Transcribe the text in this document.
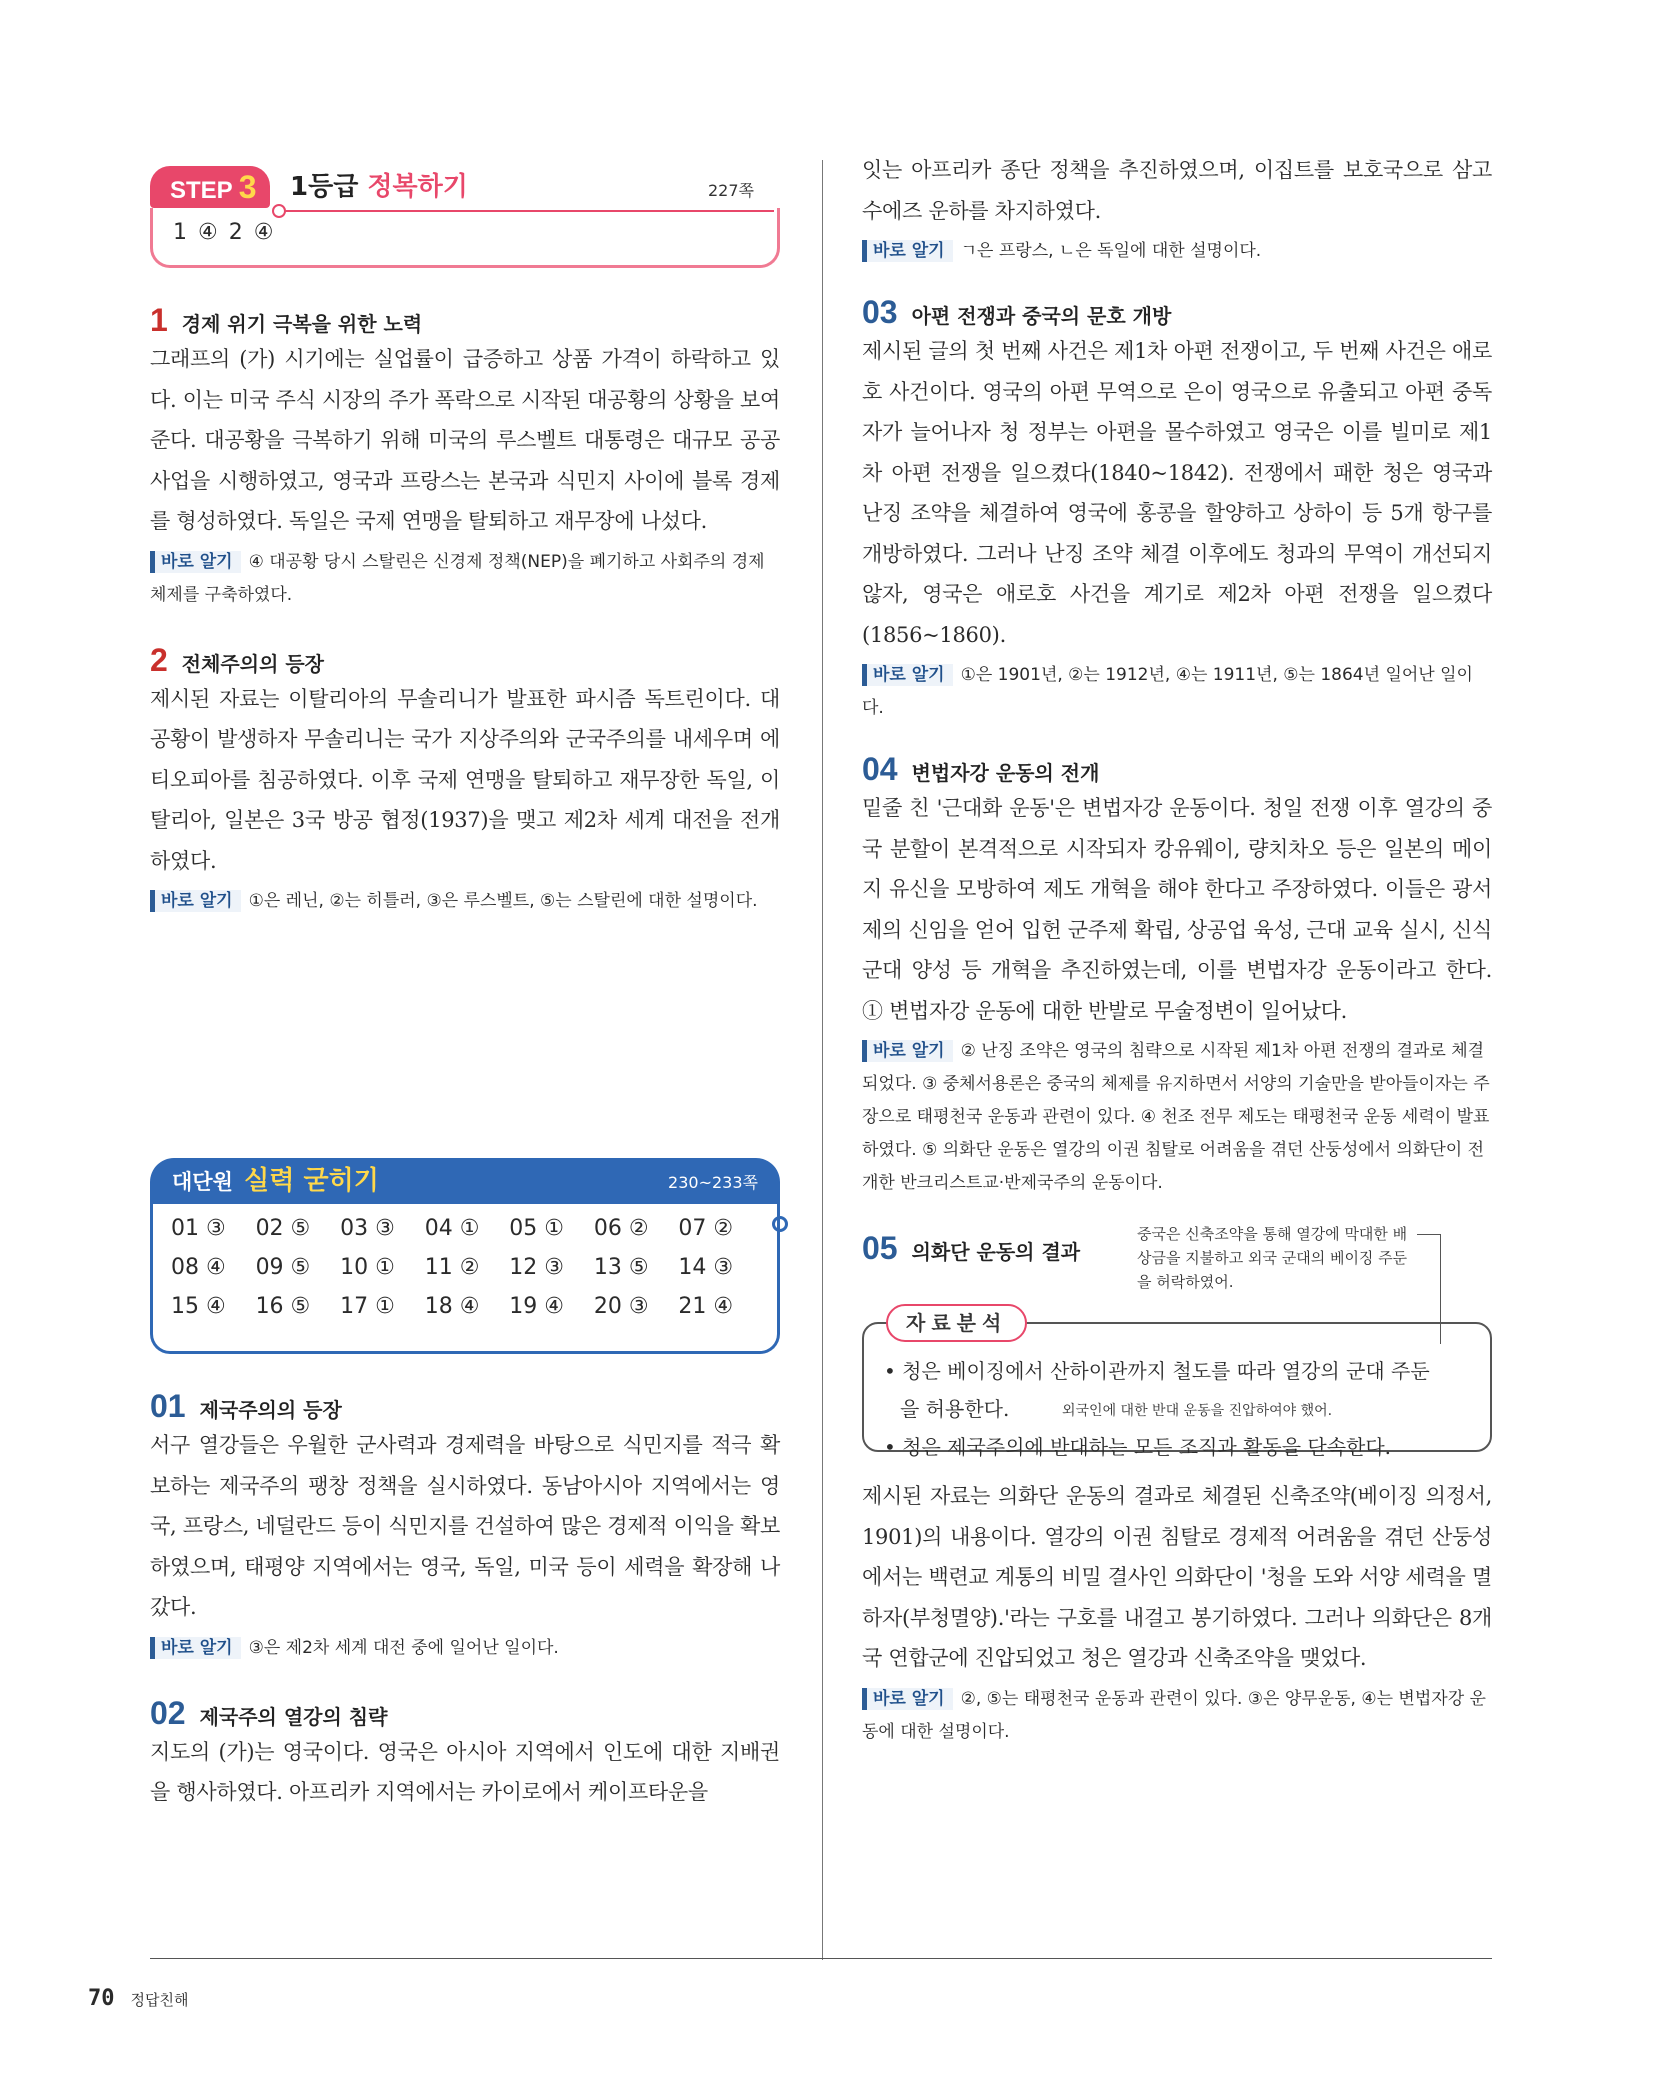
STEP 3	1등급 정복하기	227쪽
1 ④ 2 ④
1 경제 위기 극복을 위한 노력

그래프의 (가) 시기에는 실업률이 급증하고 상품 가격이 하락하고 있다. 이는 미국 주식 시장의 주가 폭락으로 시작된 대공황의 상황을 보여 준다. 대공황을 극복하기 위해 미국의 루스벨트 대통령은 대규모 공공사업을 시행하였고, 영국과 프랑스는 본국과 식민지 사이에 블록 경제를 형성하였다. 독일은 국제 연맹을 탈퇴하고 재무장에 나섰다.

바로 알기 ④ 대공황 당시 스탈린은 신경제 정책(NEP)을 폐기하고 사회주의 경제 체제를 구축하였다.

2 전체주의의 등장

제시된 자료는 이탈리아의 무솔리니가 발표한 파시즘 독트린이다. 대공황이 발생하자 무솔리니는 국가 지상주의와 군국주의를 내세우며 에티오피아를 침공하였다. 이후 국제 연맹을 탈퇴하고 재무장한 독일, 이탈리아, 일본은 3국 방공 협정(1937)을 맺고 제2차 세계 대전을 전개하였다.

바로 알기 ①은 레닌, ②는 히틀러, ③은 루스벨트, ⑤는 스탈린에 대한 설명이다.

대단원 실력 굳히기	230~233쪽
01 ③	02 ⑤	03 ③	04 ①	05 ①	06 ②	07 ②
08 ④	09 ⑤	10 ①	11 ②	12 ③	13 ⑤	14 ③
15 ④	16 ⑤	17 ①	18 ④	19 ④	20 ③	21 ④
01 제국주의의 등장

서구 열강들은 우월한 군사력과 경제력을 바탕으로 식민지를 적극 확보하는 제국주의 팽창 정책을 실시하였다. 동남아시아 지역에서는 영국, 프랑스, 네덜란드 등이 식민지를 건설하여 많은 경제적 이익을 확보하였으며, 태평양 지역에서는 영국, 독일, 미국 등이 세력을 확장해 나갔다.

바로 알기 ③은 제2차 세계 대전 중에 일어난 일이다.

02 제국주의 열강의 침략

지도의 (가)는 영국이다. 영국은 아시아 지역에서 인도에 대한 지배권을 행사하였다. 아프리카 지역에서는 카이로에서 케이프타운을

잇는 아프리카 종단 정책을 추진하였으며, 이집트를 보호국으로 삼고 수에즈 운하를 차지하였다.

바로 알기 ㄱ은 프랑스, ㄴ은 독일에 대한 설명이다.

03 아편 전쟁과 중국의 문호 개방

제시된 글의 첫 번째 사건은 제1차 아편 전쟁이고, 두 번째 사건은 애로호 사건이다. 영국의 아편 무역으로 은이 영국으로 유출되고 아편 중독자가 늘어나자 청 정부는 아편을 몰수하였고 영국은 이를 빌미로 제1차 아편 전쟁을 일으켰다(1840~1842). 전쟁에서 패한 청은 영국과 난징 조약을 체결하여 영국에 홍콩을 할양하고 상하이 등 5개 항구를 개방하였다. 그러나 난징 조약 체결 이후에도 청과의 무역이 개선되지 않자, 영국은 애로호 사건을 계기로 제2차 아편 전쟁을 일으켰다(1856~1860).

바로 알기 ①은 1901년, ②는 1912년, ④는 1911년, ⑤는 1864년 일어난 일이다.

04 변법자강 운동의 전개

밑줄 친 '근대화 운동'은 변법자강 운동이다. 청일 전쟁 이후 열강의 중국 분할이 본격적으로 시작되자 캉유웨이, 량치차오 등은 일본의 메이지 유신을 모방하여 제도 개혁을 해야 한다고 주장하였다. 이들은 광서제의 신임을 얻어 입헌 군주제 확립, 상공업 육성, 근대 교육 실시, 신식 군대 양성 등 개혁을 추진하였는데, 이를 변법자강 운동이라고 한다. ① 변법자강 운동에 대한 반발로 무술정변이 일어났다.

바로 알기 ② 난징 조약은 영국의 침략으로 시작된 제1차 아편 전쟁의 결과로 체결되었다. ③ 중체서용론은 중국의 체제를 유지하면서 서양의 기술만을 받아들이자는 주장으로 태평천국 운동과 관련이 있다. ④ 천조 전무 제도는 태평천국 운동 세력이 발표하였다. ⑤ 의화단 운동은 열강의 이권 침탈로 어려움을 겪던 산둥성에서 의화단이 전개한 반크리스트교·반제국주의 운동이다.

05 의화단 운동의 결과
중국은 신축조약을 통해 열강에 막대한 배상금을 지불하고 외국 군대의 베이징 주둔을 허락하였어.
자료분석
• 청은 베이징에서 산하이관까지 철도를 따라 열강의 군대 주둔
을 허용한다.
• 청은 제국주의에 반대하는 모든 조직과 활동을 단속한다.
외국인에 대한 반대 운동을 진압하여야 했어.

제시된 자료는 의화단 운동의 결과로 체결된 신축조약(베이징 의정서, 1901)의 내용이다. 열강의 이권 침탈로 경제적 어려움을 겪던 산둥성에서는 백련교 계통의 비밀 결사인 의화단이 '청을 도와 서양 세력을 멸하자(부청멸양).'라는 구호를 내걸고 봉기하였다. 그러나 의화단은 8개국 연합군에 진압되었고 청은 열강과 신축조약을 맺었다.

바로 알기 ②, ⑤는 태평천국 운동과 관련이 있다. ③은 양무운동, ④는 변법자강 운동에 대한 설명이다.

70 정답친해
